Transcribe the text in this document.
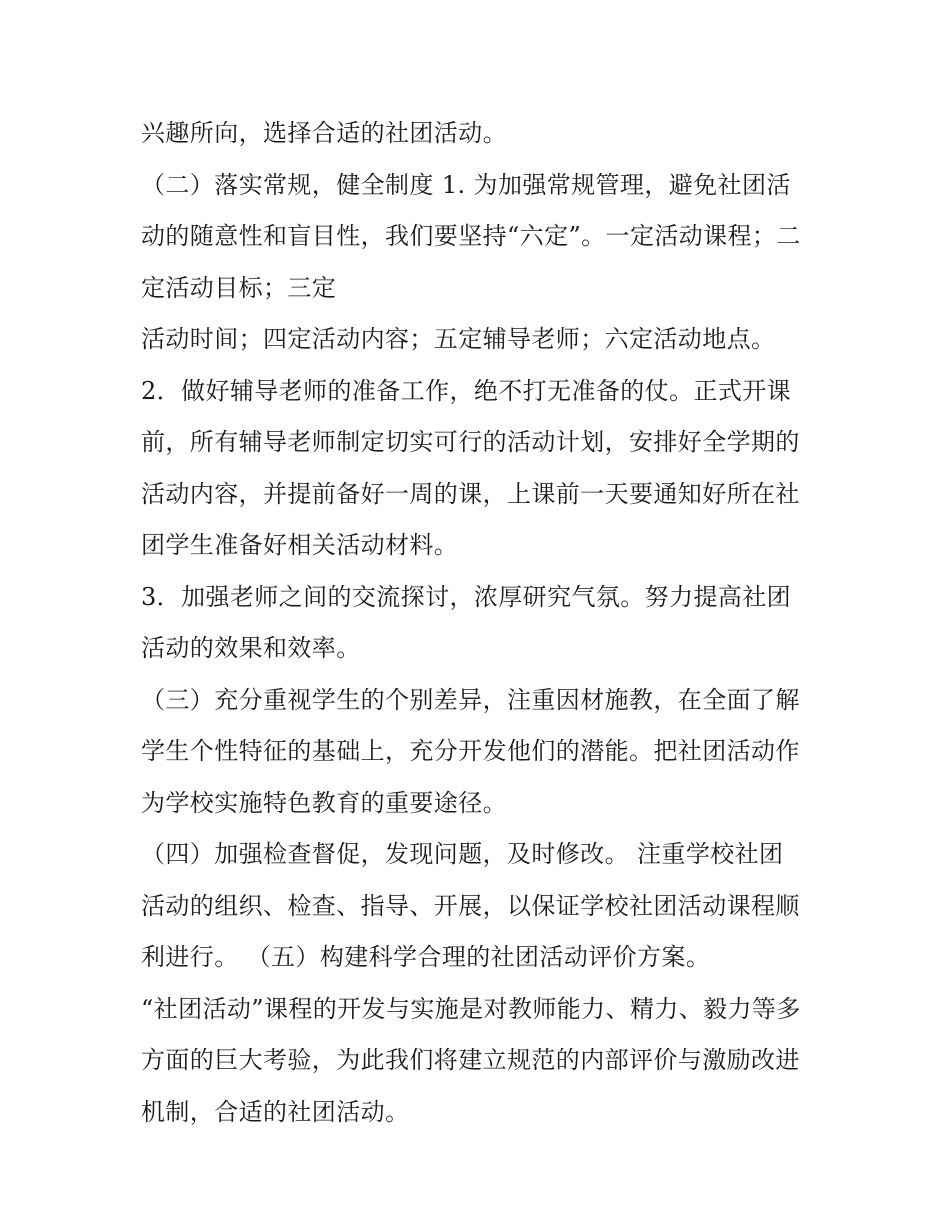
兴趣所向，选择合适的社团活动。
（二）落实常规，健全制度 1. 为加强常规管理，避免社团活
动的随意性和盲目性，我们要坚持“六定”。一定活动课程；二
定活动目标；三定
活动时间；四定活动内容；五定辅导老师；六定活动地点。
2．做好辅导老师的准备工作，绝不打无准备的仗。正式开课
前，所有辅导老师制定切实可行的活动计划，安排好全学期的
活动内容，并提前备好一周的课，上课前一天要通知好所在社
团学生准备好相关活动材料。
3．加强老师之间的交流探讨，浓厚研究气氛。努力提高社团
活动的效果和效率。
（三）充分重视学生的个别差异，注重因材施教，在全面了解
学生个性特征的基础上，充分开发他们的潜能。把社团活动作
为学校实施特色教育的重要途径。
（四）加强检查督促，发现问题，及时修改。 注重学校社团
活动的组织、检查、指导、开展，以保证学校社团活动课程顺
利进行。 （五）构建科学合理的社团活动评价方案。
“社团活动”课程的开发与实施是对教师能力、精力、毅力等多
方面的巨大考验，为此我们将建立规范的内部评价与激励改进
机制，合适的社团活动。
